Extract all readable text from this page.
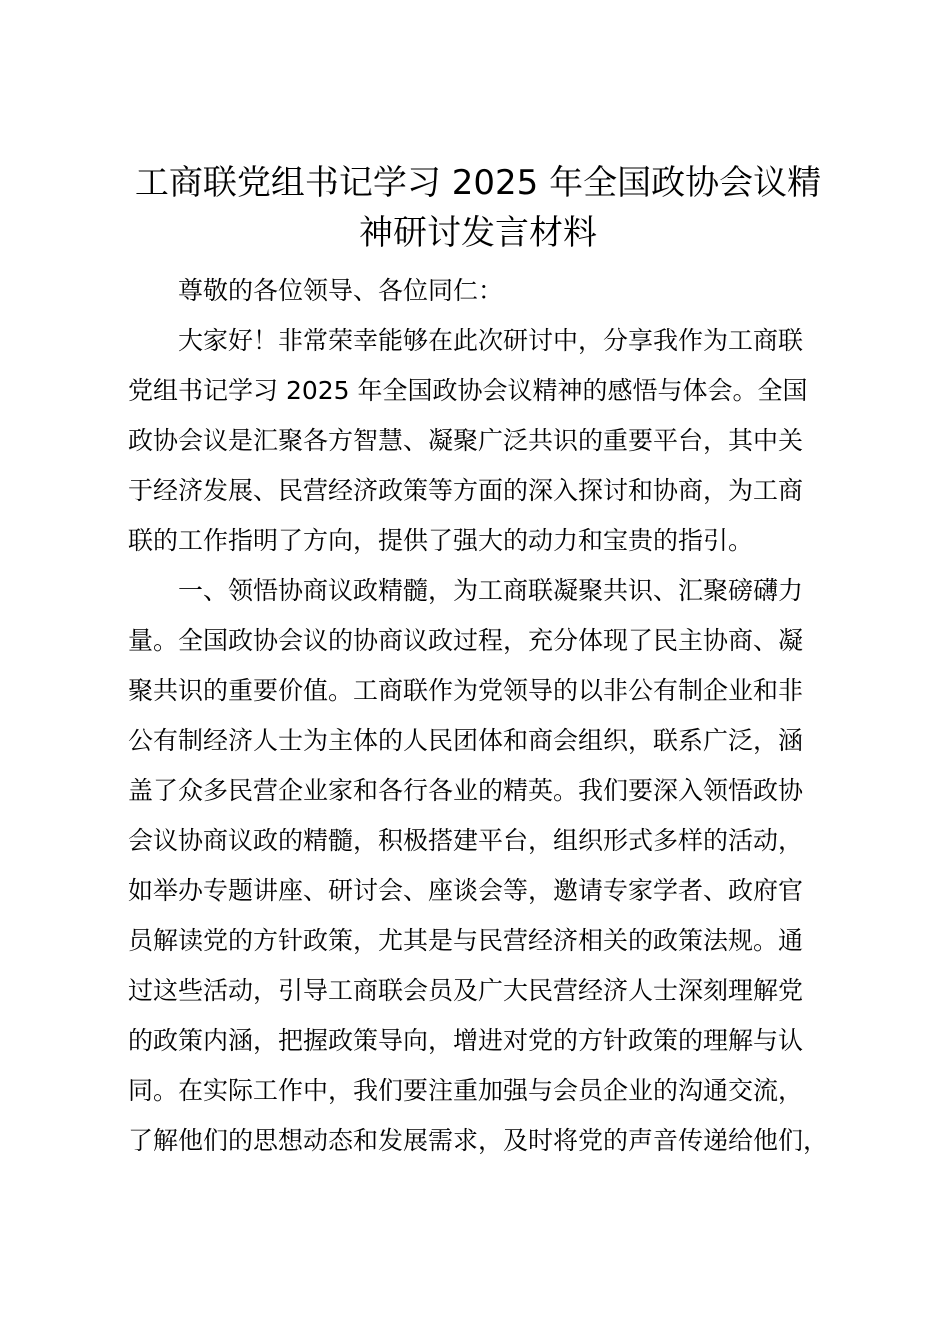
工商联党组书记学习 2025 年全国政协会议精
神研讨发言材料
尊敬的各位领导、各位同仁：
大家好！非常荣幸能够在此次研讨中，分享我作为工商联
党组书记学习 2025 年全国政协会议精神的感悟与体会。全国
政协会议是汇聚各方智慧、凝聚广泛共识的重要平台，其中关
于经济发展、民营经济政策等方面的深入探讨和协商，为工商
联的工作指明了方向，提供了强大的动力和宝贵的指引。
一、领悟协商议政精髓，为工商联凝聚共识、汇聚磅礴力
量。全国政协会议的协商议政过程，充分体现了民主协商、凝
聚共识的重要价值。工商联作为党领导的以非公有制企业和非
公有制经济人士为主体的人民团体和商会组织，联系广泛，涵
盖了众多民营企业家和各行各业的精英。我们要深入领悟政协
会议协商议政的精髓，积极搭建平台，组织形式多样的活动，
如举办专题讲座、研讨会、座谈会等，邀请专家学者、政府官
员解读党的方针政策，尤其是与民营经济相关的政策法规。通
过这些活动，引导工商联会员及广大民营经济人士深刻理解党
的政策内涵，把握政策导向，增进对党的方针政策的理解与认
同。在实际工作中，我们要注重加强与会员企业的沟通交流，
了解他们的思想动态和发展需求，及时将党的声音传递给他们，
